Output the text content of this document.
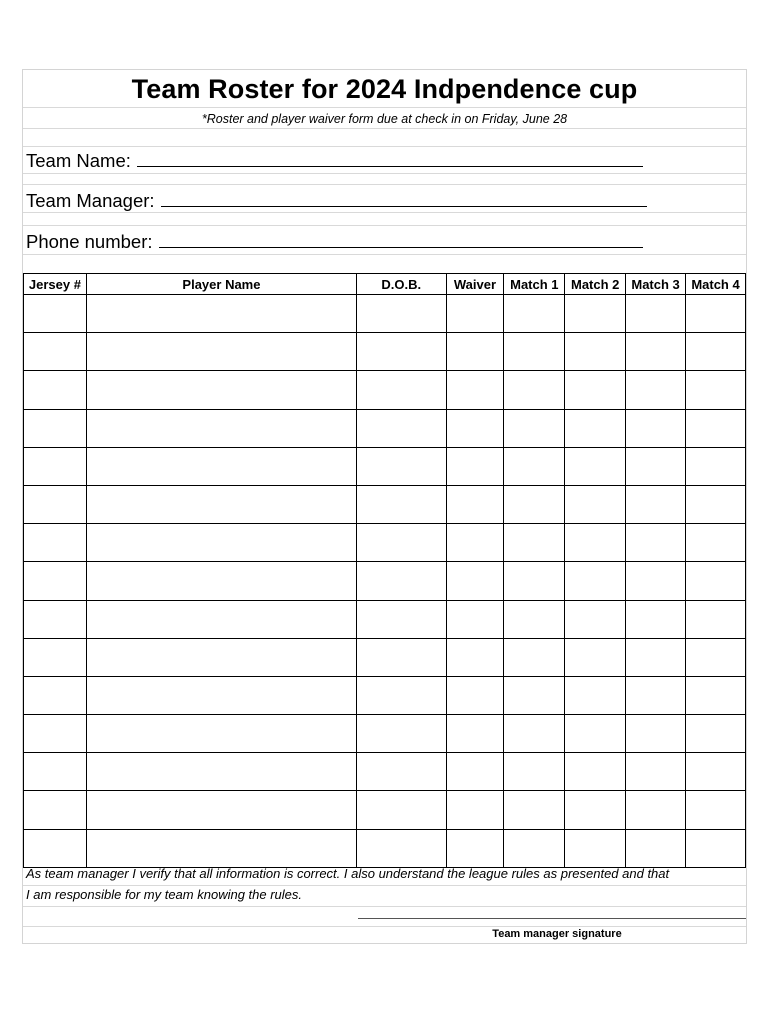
Team Roster for 2024 Indpendence cup
*Roster and player waiver form due at check in on Friday, June 28
Team Name:
Team Manager:
Phone number:
Jersey #	Player Name	D.O.B.	Waiver	Match 1	Match 2	Match 3	Match 4

As team manager I verify that all information is correct. I also understand the league rules as presented and that
I am responsible for my team knowing the rules.
Team manager signature
